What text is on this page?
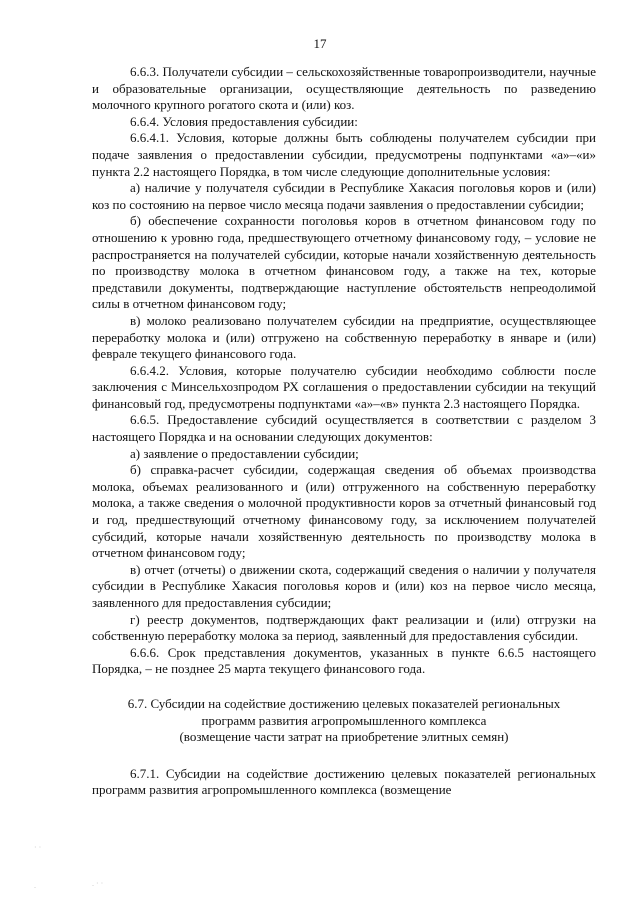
17

6.6.3. Получатели субсидии – сельскохозяйственные товаропроизводители, научные и образовательные организации, осуществляющие деятельность по разведению молочного крупного рогатого скота и (или) коз.

6.6.4. Условия предоставления субсидии:

6.6.4.1. Условия, которые должны быть соблюдены получателем субсидии при подаче заявления о предоставлении субсидии, предусмотрены подпунктами «а»–«и» пункта 2.2 настоящего Порядка, в том числе следующие дополнительные условия:

а) наличие у получателя субсидии в Республике Хакасия поголовья коров и (или) коз по состоянию на первое число месяца подачи заявления о предоставлении субсидии;

б) обеспечение сохранности поголовья коров в отчетном финансовом году по отношению к уровню года, предшествующего отчетному финансовому году, – условие не распространяется на получателей субсидии, которые начали хозяйственную деятельность по производству молока в отчетном финансовом году, а также на тех, которые представили документы, подтверждающие наступление обстоятельств непреодолимой силы в отчетном финансовом году;

в) молоко реализовано получателем субсидии на предприятие, осуществляющее переработку молока и (или) отгружено на собственную переработку в январе и (или) феврале текущего финансового года.

6.6.4.2. Условия, которые получателю субсидии необходимо соблюсти после заключения с Минсельхозпродом РХ соглашения о предоставлении субсидии на текущий финансовый год, предусмотрены подпунктами «а»–«в» пункта 2.3 настоящего Порядка.

6.6.5. Предоставление субсидий осуществляется в соответствии с разделом 3 настоящего Порядка и на основании следующих документов:

а) заявление о предоставлении субсидии;

б) справка-расчет субсидии, содержащая сведения об объемах производства молока, объемах реализованного и (или) отгруженного на собственную переработку молока, а также сведения о молочной продуктивности коров за отчетный финансовый год и год, предшествующий отчетному финансовому году, за исключением получателей субсидий, которые начали хозяйственную деятельность по производству молока в отчетном финансовом году;

в) отчет (отчеты) о движении скота, содержащий сведения о наличии у получателя субсидии в Республике Хакасия поголовья коров и (или) коз на первое число месяца, заявленного для предоставления субсидии;

г) реестр документов, подтверждающих факт реализации и (или) отгрузки на собственную переработку молока за период, заявленный для предоставления субсидии.

6.6.6. Срок представления документов, указанных в пункте 6.6.5 настоящего Порядка, – не позднее 25 марта текущего финансового года.

6.7. Субсидии на содействие достижению целевых показателей региональных
программ развития агропромышленного комплекса
(возмещение части затрат на приобретение элитных семян)

6.7.1. Субсидии на содействие достижению целевых показателей региональных программ развития агропромышленного комплекса (возмещение

· ·
.	. · ·
